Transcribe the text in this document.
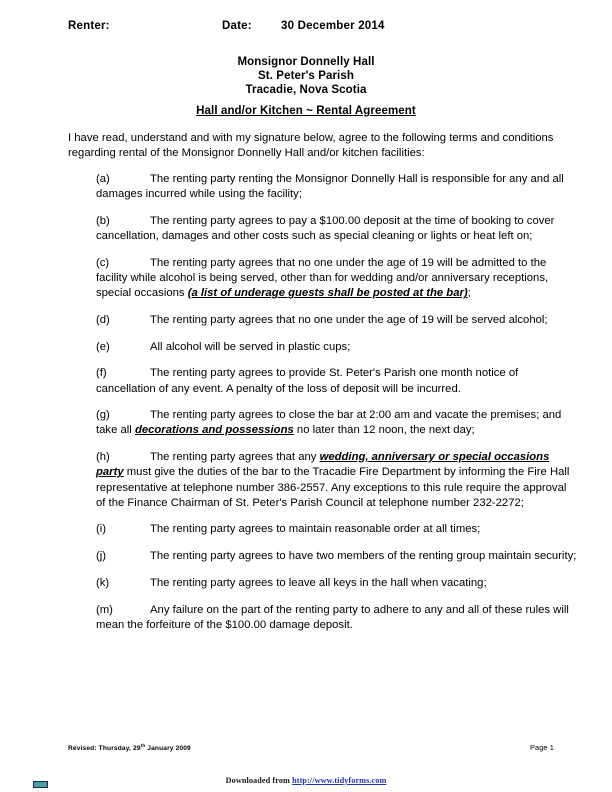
Renter:	Date:	30 December 2014
Monsignor Donnelly Hall
St. Peter's Parish
Tracadie, Nova Scotia
Hall and/or Kitchen ~ Rental Agreement
I have read, understand and with my signature below, agree to the following terms and conditions regarding rental of the Monsignor Donnelly Hall and/or kitchen facilities:
(a)	The renting party renting the Monsignor Donnelly Hall is responsible for any and all damages incurred while using the facility;
(b)	The renting party agrees to pay a $100.00 deposit at the time of booking to cover cancellation, damages and other costs such as special cleaning or lights or heat left on;
(c)	The renting party agrees that no one under the age of 19 will be admitted to the facility while alcohol is being served, other than for wedding and/or anniversary receptions, special occasions (a list of underage guests shall be posted at the bar);
(d)	The renting party agrees that no one under the age of 19 will be served alcohol;
(e)	All alcohol will be served in plastic cups;
(f)	The renting party agrees to provide St. Peter's Parish one month notice of cancellation of any event. A penalty of the loss of deposit will be incurred.
(g)	The renting party agrees to close the bar at 2:00 am and vacate the premises; and take all decorations and possessions no later than 12 noon, the next day;
(h)	The renting party agrees that any wedding, anniversary or special occasions party must give the duties of the bar to the Tracadie Fire Department by informing the Fire Hall representative at telephone number 386-2557. Any exceptions to this rule require the approval of the Finance Chairman of St. Peter's Parish Council at telephone number 232-2272;
(i)	The renting party agrees to maintain reasonable order at all times;
(j)	The renting party agrees to have two members of the renting group maintain security;
(k)	The renting party agrees to leave all keys in the hall when vacating;
(m)	Any failure on the part of the renting party to adhere to any and all of these rules will mean the forfeiture of the $100.00 damage deposit.
Revised: Thursday, 29th January 2009	Page 1
Downloaded from http://www.tidyforms.com
